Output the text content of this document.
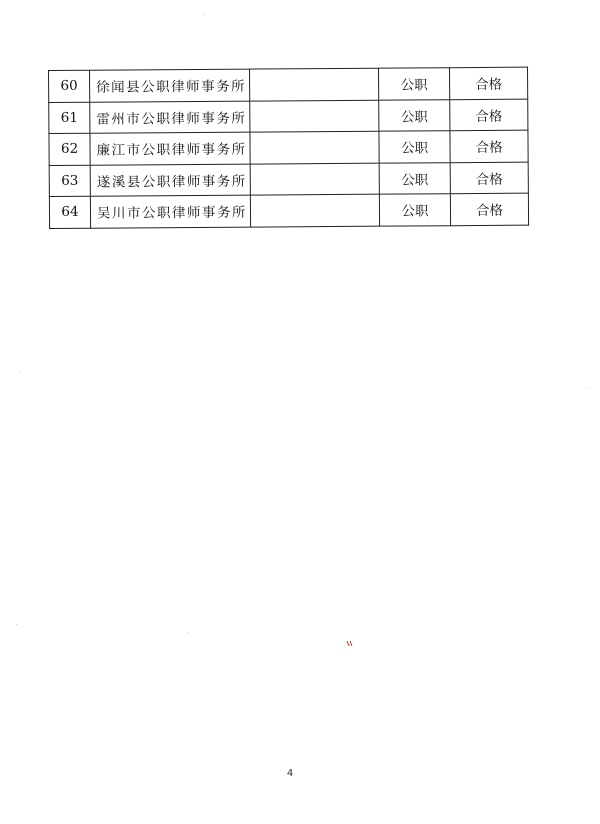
60	徐闻县公职律师事务所		公职	合格
61	雷州市公职律师事务所		公职	合格
62	廉江市公职律师事务所		公职	合格
63	遂溪县公职律师事务所		公职	合格
64	吴川市公职律师事务所		公职	合格
4
